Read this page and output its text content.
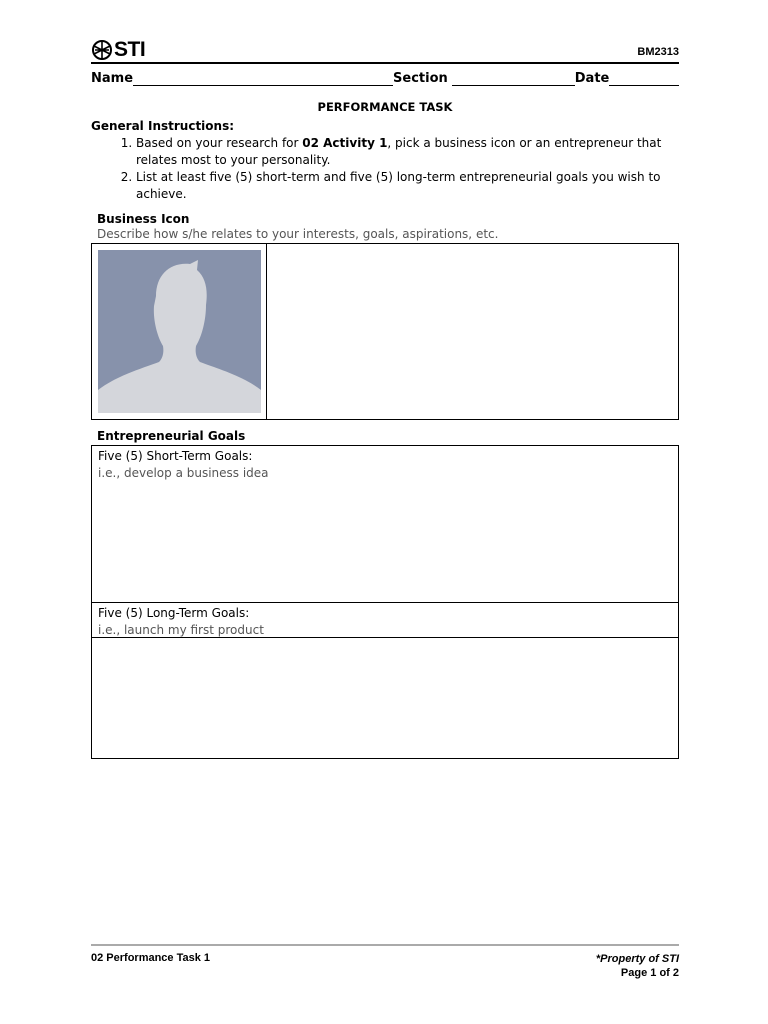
STI	BM2313
Name	Section	Date
PERFORMANCE TASK
General Instructions:
1. Based on your research for 02 Activity 1, pick a business icon or an entrepreneur that relates most to your personality.
2. List at least five (5) short-term and five (5) long-term entrepreneurial goals you wish to achieve.
Business Icon
Describe how s/he relates to your interests, goals, aspirations, etc.
Entrepreneurial Goals
Five (5) Short-Term Goals:
i.e., develop a business idea
Five (5) Long-Term Goals:
i.e., launch my first product
02 Performance Task 1	*Property of STI
Page 1 of 2
